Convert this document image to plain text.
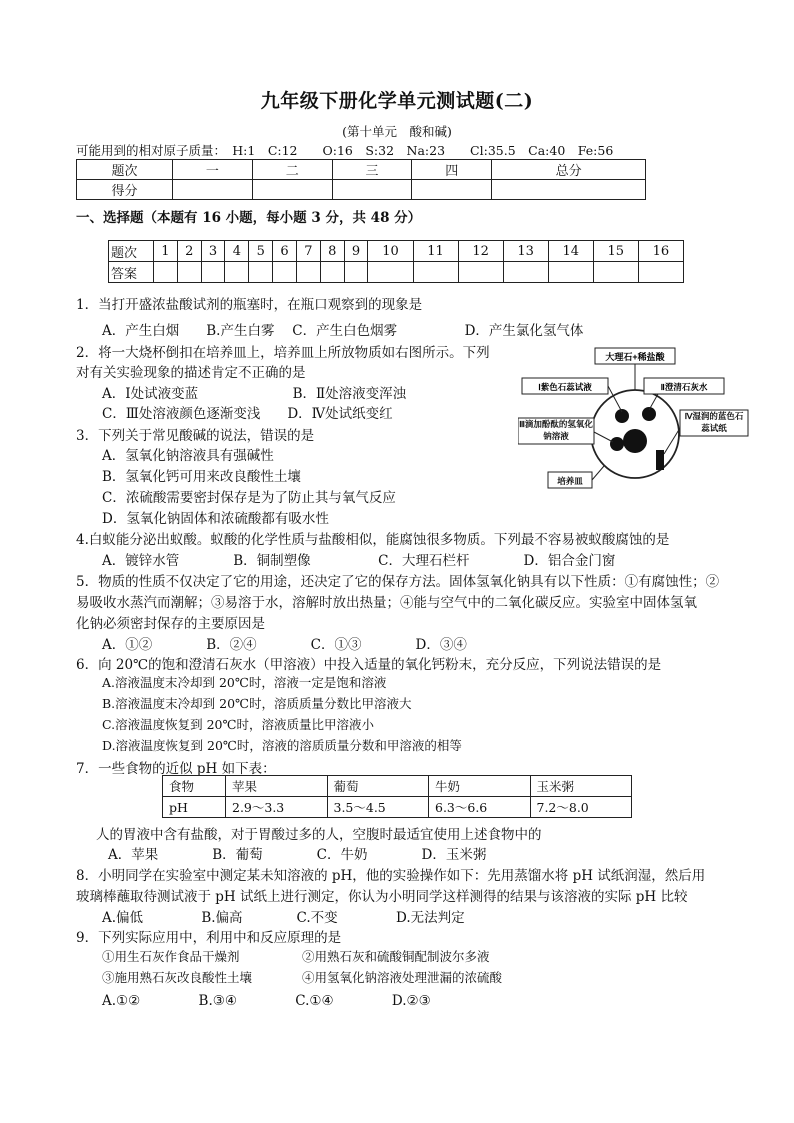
九年级下册化学单元测试题(二)
(第十单元　酸和碱)
可能用到的相对原子质量：　H:1　C:12　　O:16　S:32　Na:23　　Cl:35.5　Ca:40　Fe:56
题次	一	二	三	四	总分
得分					
一、选择题（本题有 16 小题，每小题 3 分，共 48 分）
题次	1	2	3	4	5	6	7	8	9	10	11	12	13	14	15	16
答案																
1．当打开盛浓盐酸试剂的瓶塞时，在瓶口观察到的现象是
A．产生白烟　　B.产生白雾　 C．产生白色烟雾　　　　　D．产生氯化氢气体
2．将一大烧杯倒扣在培养皿上，培养皿上所放物质如右图所示。下列
对有关实验现象的描述肯定不正确的是
A．Ⅰ处试液变蓝　　　　　　　B．Ⅱ处溶液变浑浊
C．Ⅲ处溶液颜色逐渐变浅　　D．Ⅳ处试纸变红
大理石+稀盐酸
Ⅰ紫色石蕊试液	Ⅱ澄清石灰水
Ⅲ滴加酚酞的氢氧化钠溶液
Ⅳ湿润的蓝色石蕊试纸
培养皿
3．下列关于常见酸碱的说法，错误的是
A．氢氧化钠溶液具有强碱性
B．氢氧化钙可用来改良酸性土壤
C．浓硫酸需要密封保存是为了防止其与氧气反应
D．氢氧化钠固体和浓硫酸都有吸水性
4.白蚁能分泌出蚁酸。蚁酸的化学性质与盐酸相似，能腐蚀很多物质。下列最不容易被蚁酸腐蚀的是
A．镀锌水管　　　　B．铜制塑像　　　　　C．大理石栏杆　　　　D．铝合金门窗
5．物质的性质不仅决定了它的用途，还决定了它的保存方法。固体氢氧化钠具有以下性质：①有腐蚀性；②
易吸收水蒸汽而潮解；③易溶于水，溶解时放出热量；④能与空气中的二氧化碳反应。实验室中固体氢氧
化钠必须密封保存的主要原因是
A．①②　　　　B．②④　　　　C．①③　　　　D．③④
6．向 20℃的饱和澄清石灰水（甲溶液）中投入适量的氧化钙粉末，充分反应，下列说法错误的是
A.溶液温度末冷却到 20℃时，溶液一定是饱和溶液
B.溶液温度末冷却到 20℃时，溶质质量分数比甲溶液大
C.溶液温度恢复到 20℃时，溶液质量比甲溶液小
D.溶液温度恢复到 20℃时，溶液的溶质质量分数和甲溶液的相等
7．一些食物的近似 pH 如下表：
食物	苹果	葡萄	牛奶	玉米粥
pH	2.9～3.3	3.5～4.5	6.3～6.6	7.2～8.0
人的胃液中含有盐酸，对于胃酸过多的人，空腹时最适宜使用上述食物中的
A．苹果　　　　B．葡萄　　　　C．牛奶　　　　D．玉米粥
8．小明同学在实验室中测定某未知溶液的 pH，他的实验操作如下：先用蒸馏水将 pH 试纸润湿，然后用
玻璃棒蘸取待测试液于 pH 试纸上进行测定，你认为小明同学这样测得的结果与该溶液的实际 pH 比较
A.偏低　　　　 B.偏高　　　　C.不变　　　　 D.无法判定
9．下列实际应用中，利用中和反应原理的是
①用生石灰作食品干燥剂　　　　　②用熟石灰和硫酸铜配制波尔多液
③施用熟石灰改良酸性土壤　　　　④用氢氧化钠溶液处理泄漏的浓硫酸
A.①②　　　　 B.③④　　　　 C.①④　　　　 D.②③
